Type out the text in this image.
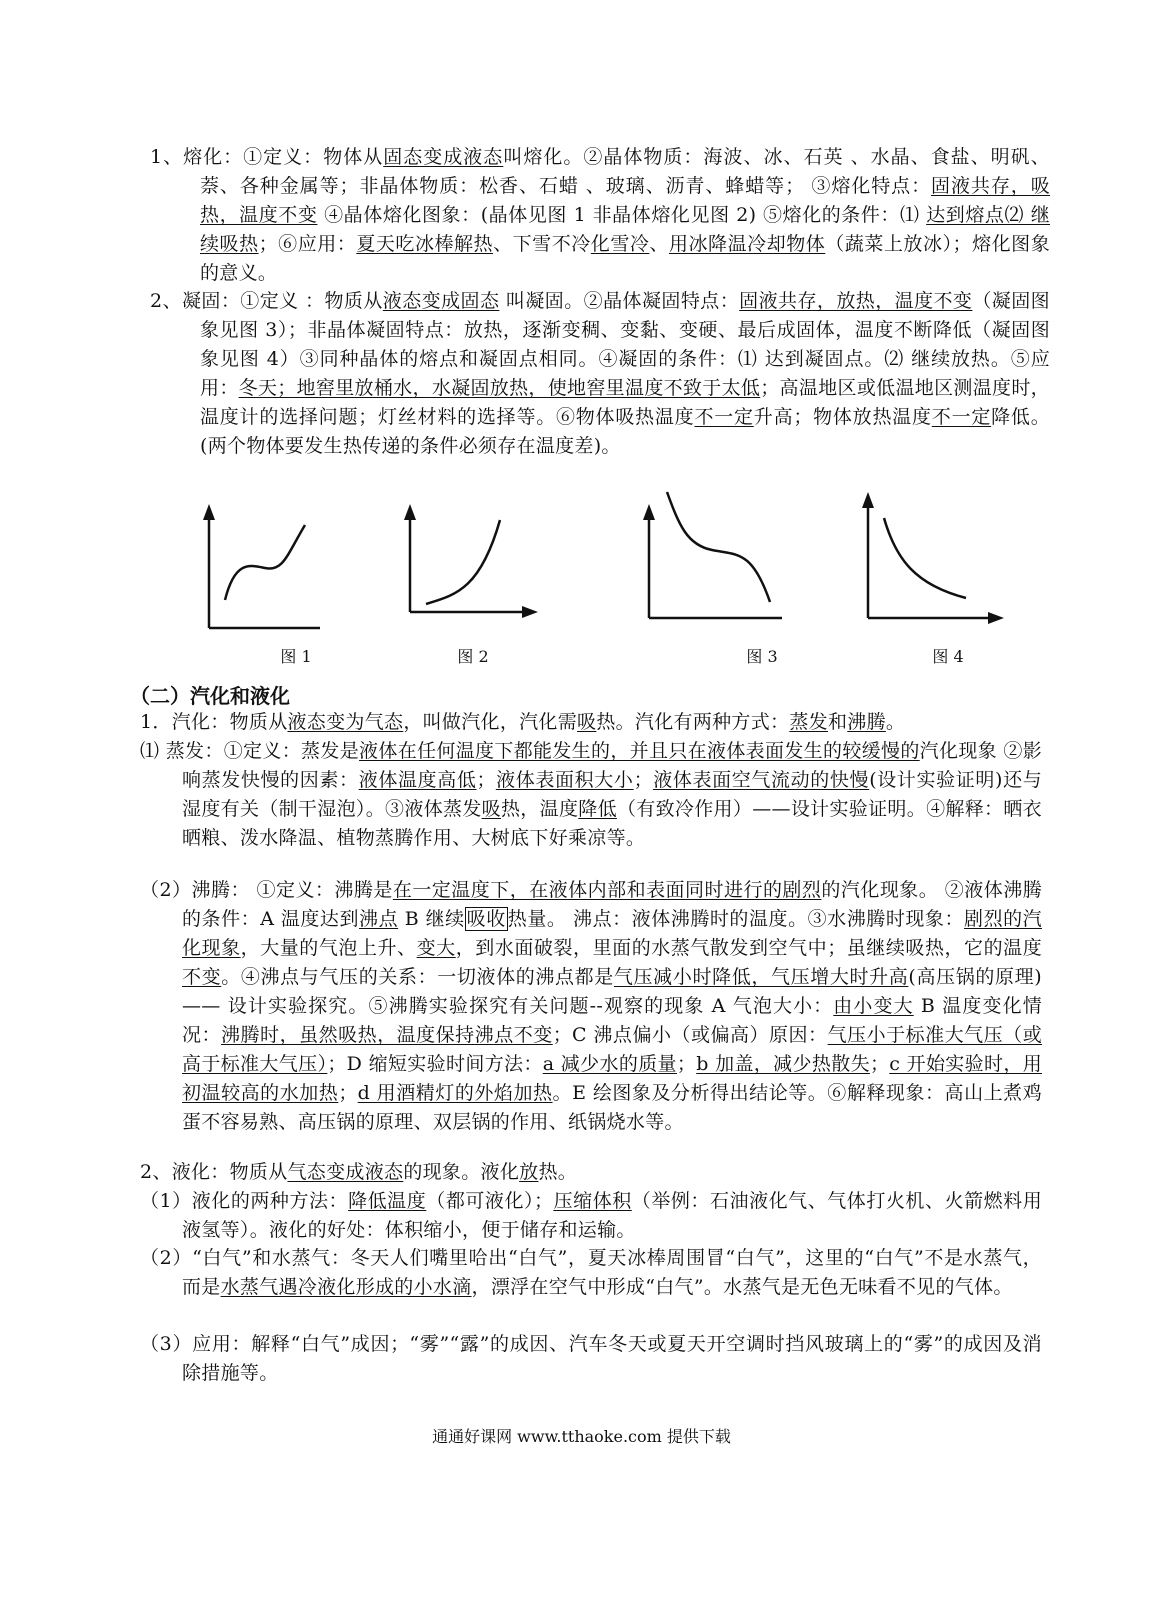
1、熔化：①定义：物体从固态变成液态叫熔化。②晶体物质：海波、冰、石英 、水晶、食盐、明矾、萘、各种金属等；非晶体物质：松香、石蜡 、玻璃、沥青、蜂蜡等； ③熔化特点：固液共存，吸热，温度不变 ④晶体熔化图象：(晶体见图 1 非晶体熔化见图 2) ⑤熔化的条件：⑴ 达到熔点⑵ 继续吸热；⑥应用：夏天吃冰棒解热、下雪不冷化雪冷、用冰降温冷却物体（蔬菜上放冰）；熔化图象的意义。
2、凝固：①定义 ：物质从液态变成固态 叫凝固。②晶体凝固特点：固液共存，放热，温度不变（凝固图象见图 3）；非晶体凝固特点：放热，逐渐变稠、变黏、变硬、最后成固体，温度不断降低（凝固图象见图 4）③同种晶体的熔点和凝固点相同。④凝固的条件：⑴ 达到凝固点。⑵ 继续放热。⑤应用：冬天；地窖里放桶水，水凝固放热，使地窖里温度不致于太低；高温地区或低温地区测温度时，温度计的选择问题；灯丝材料的选择等。⑥物体吸热温度不一定升高；物体放热温度不一定降低。(两个物体要发生热传递的条件必须存在温度差)。
图 1	图 2	图 3	图 4
（二）汽化和液化
1．汽化：物质从液态变为气态，叫做汽化，汽化需吸热。汽化有两种方式：蒸发和沸腾。
⑴ 蒸发：①定义：蒸发是液体在任何温度下都能发生的，并且只在液体表面发生的较缓慢的汽化现象 ②影响蒸发快慢的因素：液体温度高低；液体表面积大小；液体表面空气流动的快慢(设计实验证明)还与湿度有关（制干湿泡）。③液体蒸发吸热，温度降低（有致冷作用）——设计实验证明。④解释：晒衣晒粮、泼水降温、植物蒸腾作用、大树底下好乘凉等。
（2）沸腾： ①定义：沸腾是在一定温度下，在液体内部和表面同时进行的剧烈的汽化现象。 ②液体沸腾的条件：A 温度达到沸点 B 继续 吸收 热量。 沸点：液体沸腾时的温度。③水沸腾时现象：剧烈的汽化现象，大量的气泡上升、变大，到水面破裂，里面的水蒸气散发到空气中；虽继续吸热，它的温度不变。④沸点与气压的关系：一切液体的沸点都是气压减小时降低，气压增大时升高(高压锅的原理)—— 设计实验探究。⑤沸腾实验探究有关问题--观察的现象 A 气泡大小：由小变大 B 温度变化情况：沸腾时，虽然吸热，温度保持沸点不变；C 沸点偏小（或偏高）原因：气压小于标准大气压（或高于标准大气压）；D 缩短实验时间方法：a 减少水的质量；b 加盖，减少热散失；c 开始实验时，用初温较高的水加热；d 用酒精灯的外焰加热。E 绘图象及分析得出结论等。⑥解释现象：高山上煮鸡蛋不容易熟、高压锅的原理、双层锅的作用、纸锅烧水等。
2、液化：物质从气态变成液态的现象。液化放热。
（1）液化的两种方法：降低温度（都可液化）；压缩体积（举例：石油液化气、气体打火机、火箭燃料用液氢等）。液化的好处：体积缩小，便于储存和运输。
（2）“白气”和水蒸气：冬天人们嘴里哈出“白气”，夏天冰棒周围冒“白气”，这里的“白气”不是水蒸气，而是水蒸气遇冷液化形成的小水滴，漂浮在空气中形成“白气”。水蒸气是无色无味看不见的气体。
（3）应用：解释“白气”成因；“雾”“露”的成因、汽车冬天或夏天开空调时挡风玻璃上的“雾”的成因及消除措施等。
通通好课网 www.tthaoke.com 提供下载
